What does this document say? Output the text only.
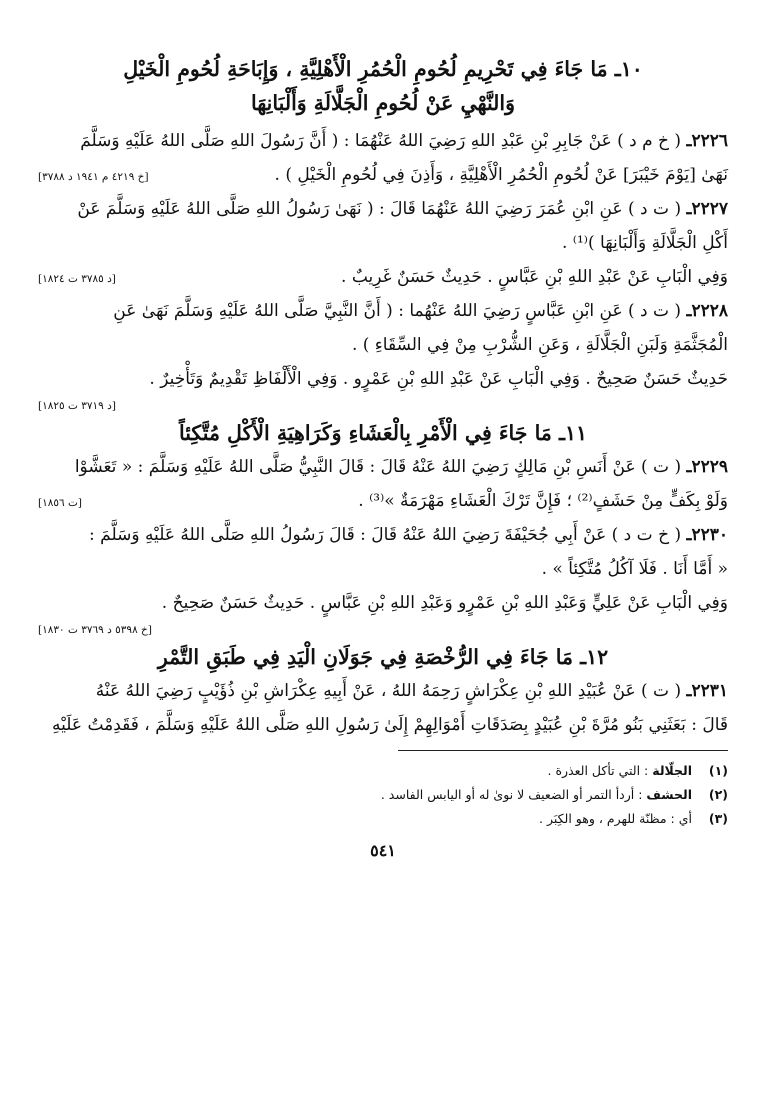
١٠ـ مَا جَاءَ فِي تَحْرِيمِ لُحُومِ الْحُمُرِ الْأَهْلِيَّةِ ، وَإِبَاحَةِ لُحُومِ الْخَيْلِ
وَالنَّهْيِ عَنْ لُحُومِ الْجَلَّالَةِ وَأَلْبَانِهَا

٢٢٢٦ـ ( خ م د ) عَنْ جَابِرِ بْنِ عَبْدِ اللهِ رَضِيَ اللهُ عَنْهُمَا : ( أَنَّ رَسُولَ اللهِ صَلَّى اللهُ عَلَيْهِ وَسَلَّمَ

نَهَىٰ [يَوْمَ خَيْبَرَ] عَنْ لُحُومِ الْحُمُرِ الْأَهْلِيَّةِ ، وَأَذِنَ فِي لُحُومِ الْخَيْلِ ) .
[خ ٤٢١٩ م ١٩٤١ د ٣٧٨٨]

٢٢٢٧ـ ( ت د ) عَنِ ابْنِ عُمَرَ رَضِيَ اللهُ عَنْهُمَا قَالَ : ( نَهَىٰ رَسُولُ اللهِ صَلَّى اللهُ عَلَيْهِ وَسَلَّمَ عَنْ

أَكْلِ الْجَلَّالَةِ وَأَلْبَانِهَا )⁽¹⁾ .

وَفِي الْبَابِ عَنْ عَبْدِ اللهِ بْنِ عَبَّاسٍ . حَدِيثٌ حَسَنٌ غَرِيبٌ .
[د ٣٧٨٥ ت ١٨٢٤]

٢٢٢٨ـ ( ت د ) عَنِ ابْنِ عَبَّاسٍ رَضِيَ اللهُ عَنْهُما : ( أَنَّ النَّبِيَّ صَلَّى اللهُ عَلَيْهِ وَسَلَّمَ نَهَىٰ عَنِ

الْمُجَثَّمَةِ وَلَبَنِ الْجَلَّالَةِ ، وَعَنِ الشُّرْبِ مِنْ فِي السِّقَاءِ ) .

حَدِيثٌ حَسَنٌ صَحِيحٌ . وَفِي الْبَابِ عَنْ عَبْدِ اللهِ بْنِ عَمْرٍو . وَفِي الْأَلْفَاظِ تَقْدِيمٌ وَتَأْخِيرٌ .

[د ٣٧١٩ ت ١٨٢٥]

١١ـ مَا جَاءَ فِي الْأَمْرِ بِالْعَشَاءِ وَكَرَاهِيَةِ الْأَكْلِ مُتَّكِئاً

٢٢٢٩ـ ( ت ) عَنْ أَنَسِ بْنِ مَالِكٍ رَضِيَ اللهُ عَنْهُ قَالَ : قَالَ النَّبِيُّ صَلَّى اللهُ عَلَيْهِ وَسَلَّمَ : « تَعَشَّوْا

وَلَوْ بِكَفٍّ مِنْ حَشَفٍ⁽²⁾ ؛ فَإِنَّ تَرْكَ الْعَشَاءِ مَهْرَمَةٌ »⁽³⁾ .
[ت ١٨٥٦]

٢٢٣٠ـ ( خ ت د ) عَنْ أَبِي جُحَيْفَةَ رَضِيَ اللهُ عَنْهُ قَالَ : قَالَ رَسُولُ اللهِ صَلَّى اللهُ عَلَيْهِ وَسَلَّمَ :

« أَمَّا أَنَا . فَلَا آكُلُ مُتَّكِئاً » .

وَفِي الْبَابِ عَنْ عَلِيٍّ وَعَبْدِ اللهِ بْنِ عَمْرٍو وَعَبْدِ اللهِ بْنِ عَبَّاسٍ . حَدِيثٌ حَسَنٌ صَحِيحٌ .

[خ ٥٣٩٨ د ٣٧٦٩ ت ١٨٣٠]

١٢ـ مَا جَاءَ فِي الرُّخْصَةِ فِي جَوَلَانِ الْيَدِ فِي طَبَقِ التَّمْرِ

٢٢٣١ـ ( ت ) عَنْ عُبَيْدِ اللهِ بْنِ عِكْرَاشٍ رَحِمَهُ اللهُ ، عَنْ أَبِيهِ عِكْرَاشِ بْنِ ذُؤَيْبٍ رَضِيَ اللهُ عَنْهُ

قَالَ : بَعَثَنِي بَنُو مُرَّةَ بْنِ عُبَيْدٍ بِصَدَقَاتِ أَمْوَالِهِمْ إِلَىٰ رَسُولِ اللهِ صَلَّى اللهُ عَلَيْهِ وَسَلَّمَ ، فَقَدِمْتُ عَلَيْهِ

(١)
الجلّالة : التي تأكل العذرة .
(٢)
الحشف : أردأ التمر أو الضعيف لا نوىٰ له أو اليابس الفاسد .
(٣)
أي : مظنّة للهرم ، وهو الكِبَر .
٥٤١
